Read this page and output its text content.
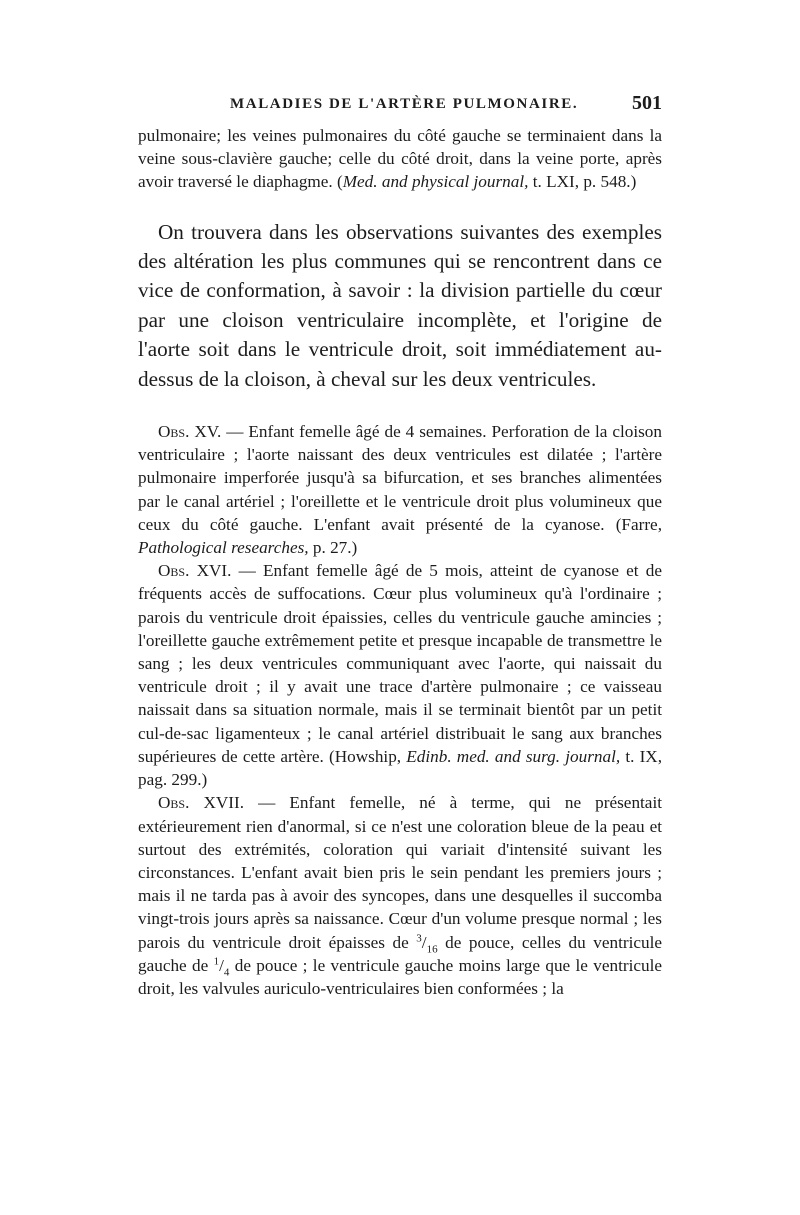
MALADIES DE L'ARTÈRE PULMONAIRE.	501

pulmonaire; les veines pulmonaires du côté gauche se terminaient dans la veine sous-clavière gauche; celle du côté droit, dans la veine porte, après avoir traversé le diaphagme. (Med. and physical journal, t. LXI, p. 548.)

On trouvera dans les observations suivantes des exemples des altération les plus communes qui se rencontrent dans ce vice de conformation, à savoir : la division partielle du cœur par une cloison ventriculaire incomplète, et l'origine de l'aorte soit dans le ventricule droit, soit immédiatement au-dessus de la cloison, à cheval sur les deux ventricules.

Obs. XV. — Enfant femelle âgé de 4 semaines. Perforation de la cloison ventriculaire ; l'aorte naissant des deux ventricules est dilatée ; l'artère pulmonaire imperforée jusqu'à sa bifurcation, et ses branches alimentées par le canal artériel ; l'oreillette et le ventricule droit plus volumineux que ceux du côté gauche. L'enfant avait présenté de la cyanose. (Farre, Pathological researches, p. 27.)

Obs. XVI. — Enfant femelle âgé de 5 mois, atteint de cyanose et de fréquents accès de suffocations. Cœur plus volumineux qu'à l'ordinaire ; parois du ventricule droit épaissies, celles du ventricule gauche amincies ; l'oreillette gauche extrêmement petite et presque incapable de transmettre le sang ; les deux ventricules communiquant avec l'aorte, qui naissait du ventricule droit ; il y avait une trace d'artère pulmonaire ; ce vaisseau naissait dans sa situation normale, mais il se terminait bientôt par un petit cul-de-sac ligamenteux ; le canal artériel distribuait le sang aux branches supérieures de cette artère. (Howship, Edinb. med. and surg. journal, t. IX, pag. 299.)

Obs. XVII. — Enfant femelle, né à terme, qui ne présentait extérieurement rien d'anormal, si ce n'est une coloration bleue de la peau et surtout des extrémités, coloration qui variait d'intensité suivant les circonstances. L'enfant avait bien pris le sein pendant les premiers jours ; mais il ne tarda pas à avoir des syncopes, dans une desquelles il succomba vingt-trois jours après sa naissance. Cœur d'un volume presque normal ; les parois du ventricule droit épaisses de $^3/_{16}$ de pouce, celles du ventricule gauche de $^1/_4$ de pouce ; le ventricule gauche moins large que le ventricule droit, les valvules auriculo-ventriculaires bien conformées ; la
